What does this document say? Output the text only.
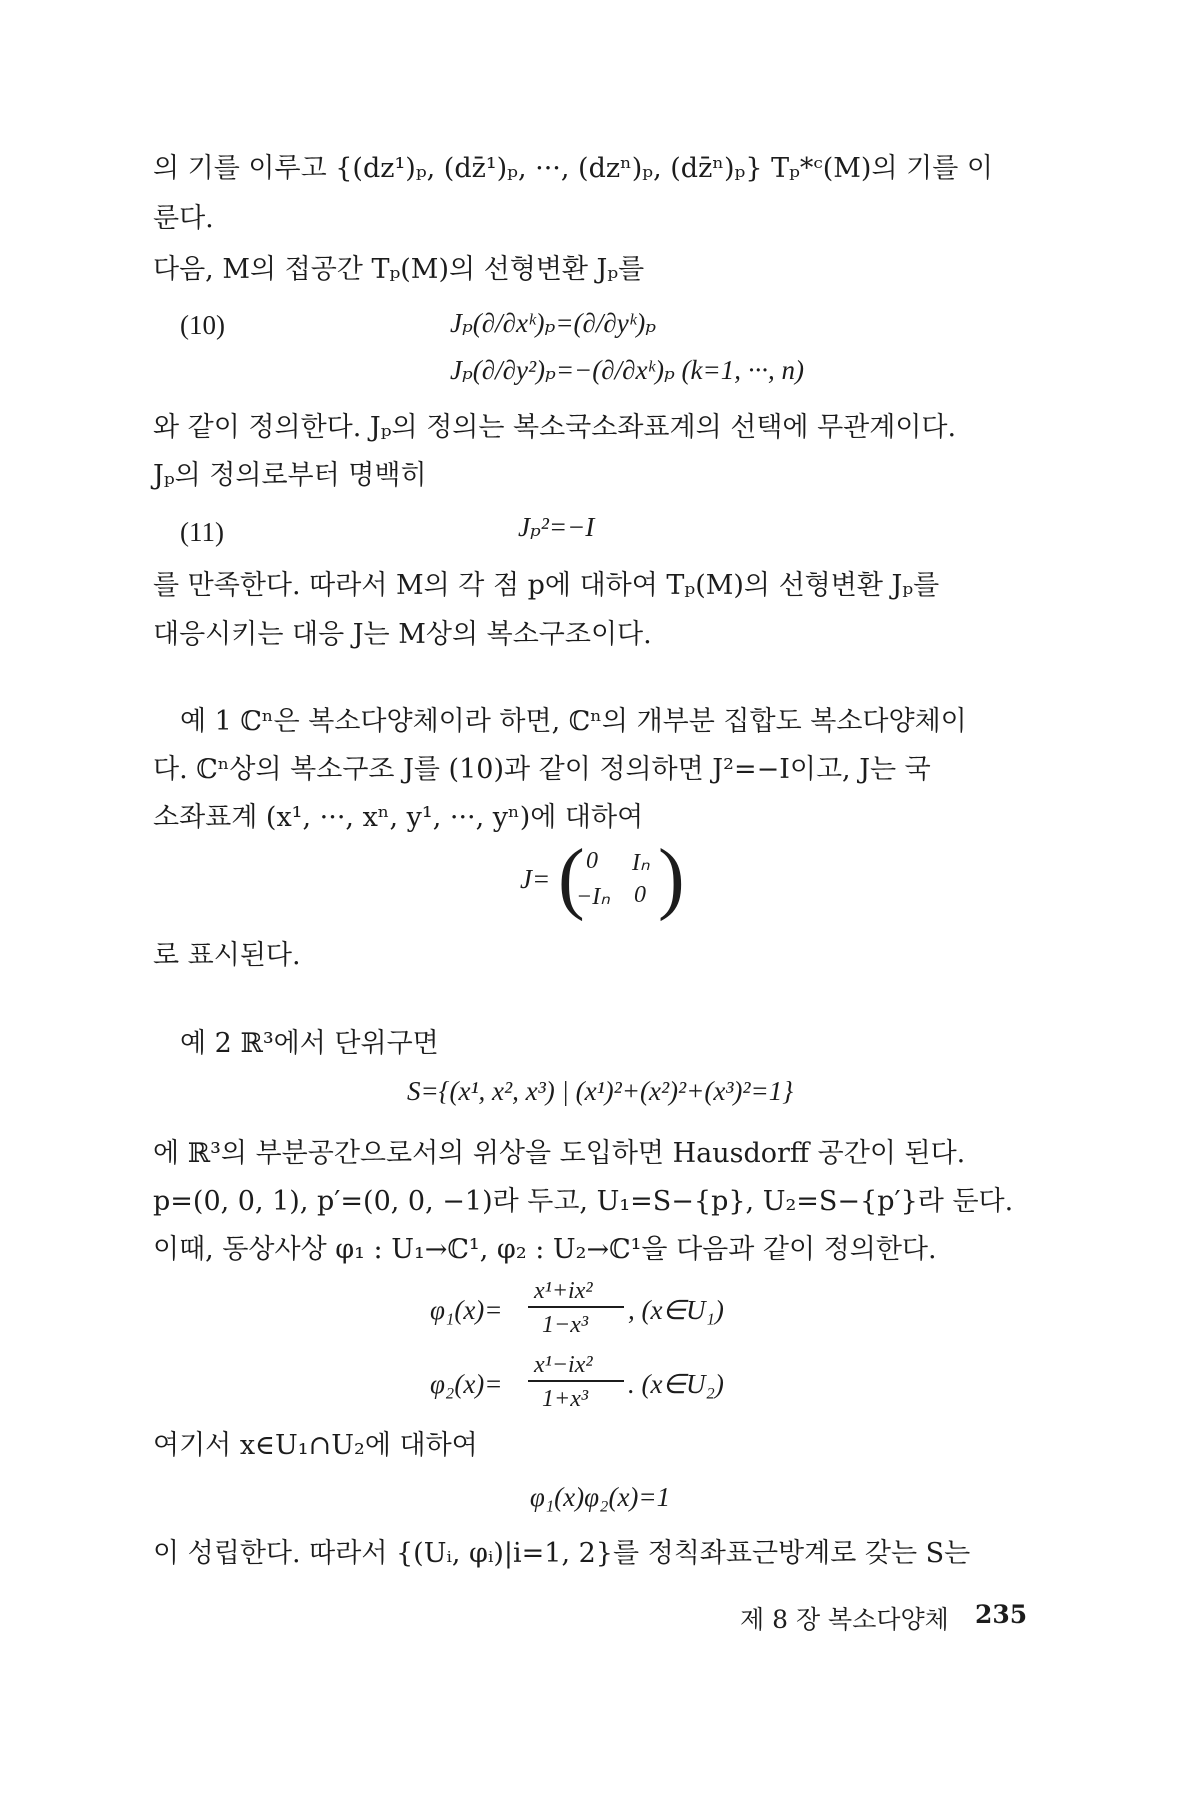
의 기를 이루고 {(dz¹)ₚ, (dz̄¹)ₚ, ···, (dzⁿ)ₚ, (dz̄ⁿ)ₚ} Tₚ*ᶜ(M)의 기를 이
룬다.
다음, M의 접공간 Tₚ(M)의 선형변환 Jₚ를
(10)	Jₚ(∂/∂xᵏ)ₚ=(∂/∂yᵏ)ₚ
Jₚ(∂/∂y²)ₚ=−(∂/∂xᵏ)ₚ (k=1, ···, n)
와 같이 정의한다. Jₚ의 정의는 복소국소좌표계의 선택에 무관계이다.
Jₚ의 정의로부터 명백히
(11)	Jₚ²=−I
를 만족한다. 따라서 M의 각 점 p에 대하여 Tₚ(M)의 선형변환 Jₚ를
대응시키는 대응 J는 M상의 복소구조이다.
예 1 ℂⁿ은 복소다양체이라 하면, ℂⁿ의 개부분 집합도 복소다양체이
다. ℂⁿ상의 복소구조 J를 (10)과 같이 정의하면 J²=−I이고, J는 국
소좌표계 (x¹, ···, xⁿ, y¹, ···, yⁿ)에 대하여
J= ( 0 Iₙ
−Iₙ 0 )
로 표시된다.
예 2 ℝ³에서 단위구면
S={(x¹, x², x³) | (x¹)²+(x²)²+(x³)²=1}
에 ℝ³의 부분공간으로서의 위상을 도입하면 Hausdorff 공간이 된다.
p=(0, 0, 1), p′=(0, 0, −1)라 두고, U₁=S−{p}, U₂=S−{p′}라 둔다.
이때, 동상사상 φ₁ : U₁→ℂ¹, φ₂ : U₂→ℂ¹을 다음과 같이 정의한다.
φ₁(x)=
x¹+ix²
1−x³ , (x∈U₁)
φ₂(x)=
x¹−ix²
1+x³ . (x∈U₂)
여기서 x∈U₁∩U₂에 대하여
φ₁(x)φ₂(x)=1
이 성립한다. 따라서 {(Uᵢ, φᵢ)|i=1, 2}를 정칙좌표근방계로 갖는 S는
제 8 장 복소다양체 235
